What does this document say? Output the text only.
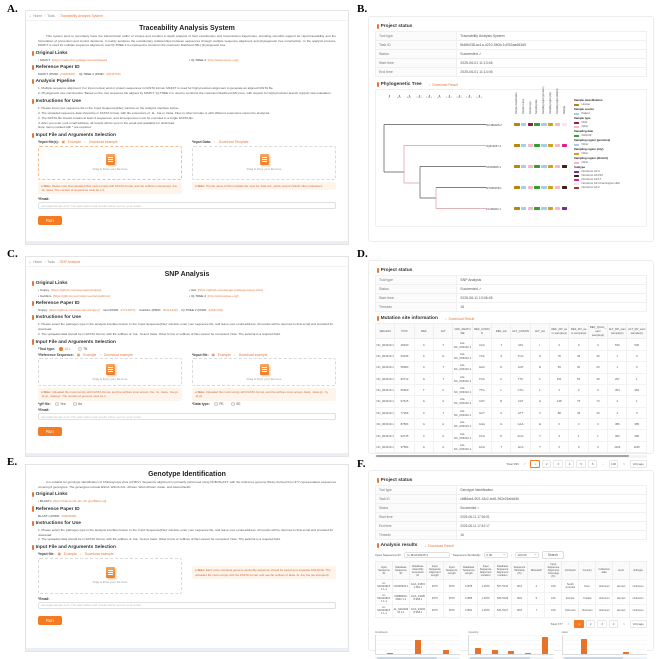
A.
⌂ Home	/ Tools	/ Traceability Analysis System
Traceability Analysis System
This system aims to accurately trace the transmission paths of viruses and conduct in-depth analysis of their evolutionary and transmission trajectories, providing scientific support for rapid traceability and the formulation of prevention and control decisions. It mainly analyzes the evolutionary relationships between sequences through multiple sequence alignment and phylogenetic tree construction. In the analysis process, MAFFT is used for multiple sequence alignment, and IQ-TREE 2 is employed to construct the maximum likelihood (ML) phylogenetic tree.
Original Links
• MAFFT [https://mafft.cbrc.jp/alignment/software/]	• IQ-TREE 2 [http://www.iqtree.org/]
Reference Paper ID
MAFFT (PMID: 23329690); IQ-TREE 2 (PMID: 32011700)
Analysis Pipeline
1. Multiple sequence alignment: For input nucleic acid or protein sequences in FASTA format, MAFFT is used for high-precision alignment to generate an aligned FASTA file.
2. Phylogenetic tree construction: Based on the root sequence file aligned by MAFFT, IQ-TREE 2 is used to construct the maximum likelihood (ML) tree, with support for high-precision branch support rate evaluation.
Instructions for Use
1. Please input your sequence file in the 'Input Sequence(File)' window on the analysis interface below.
2. The uploaded sequence data should be in FASTA format, with file extensions of .fa, .fna or .fasta. Files in other formats or with different extensions cannot be analyzed.
3. The FASTA file should contain at least 3 sequences, and all sequences must be encoded in a single FASTA file.
4. After you enter your email address, all results will be sent to the email and available for download.
Note: items marked with * are required.
Input File and Arguments Selection
*Input file(s): ▣ Example ↓ Download example
Drag & Drop your file here
● Note: Please note that uploaded files must comply with FASTA format, and the suffixes must accept .fna, .fa, .fasta. The number of sequences must be ≥ 3.
*Input Data: ↓ Download Template
Drag & Drop your file here
● Note: The file name of this template file must be 'data.csv', which cannot include other characters.
*Email:
name@example.com. The task status and results will be sent to your email. Run
B.
Project status
Tool type	Traceability Analysis System
Task ID	f6d5b038-ac1a-4210-960b-1d762aa653d9
Status	Succeeded ✓
Start time	2025-06-01 11:13:46
End time	2025-06-01 11:14:06
Phylogenetic Tree ↓ Download Result
0	4e-5	8e-5	1.2e-4	1.6e-4	2e-4	2.4e-4	2.8e-4	3.2e-4	3.6e-4
OU480325.2
JQ613067.1
JX646825.1
MT468158.1
KJ196264.1
Sample classification	Sample source	Sample type	Sampling date	Sampling region (province)	Sampling region (city)	Sampling region (district)	Subtype
Sample classification
Human
Sample source
Patient
Sample type
NGS
Other
Sampling date
2023-09
Sampling region (province)
Other
Sampling region (city)
Other
Sampling region (district)
Other
Subtype
Norovirus GII.4
Norovirus GII.P16
Norovirus GII.17
Norovirus GII.4 Farmington Hills
Norovirus GII.2
C.
⌂ Home	/ Tools	/ SNP Analysis
SNP Analysis
Original Links
• Snippy [https://github.com/tseemann/snippy]	• Gisi [https://github.com/sanger-pathogens/snp-sites]
• Gubbins [https://github.com/nickjcroucher/gubbins]	• IQ-TREE 2 [http://www.iqtree.org/]
Reference Paper ID
Snippy [https://github.com/tseemann/snippy]; Gisi (PMID: 27713837); Gubbins (PMID: 25414349); IQ-TREE 2 (PMID: 32011700)
Instructions for Use
1. Please select the pathogen type in the analysis interface below. In the 'Input Sequence(File)' window, enter your sequence file, and leave your email address. All results will be returned to that email and provided for download.
2. The uploaded data should be in FASTA format, with file suffixes of .fna, .fa and .fasta. Other forms or suffixes of files cannot be computed. Note: The asterisk is a required field.
Input File and Arguments Selection
*Tool type:	ALL	TB
*Reference Sequence: ▣ Example ↓ Download example
Drag & Drop your file here
● Note: Uploaded file must comply with FASTA format, and the suffixes must accept .fna, .fa, .fasta, .fna.gz, .fa.gz, .fasta.gz. The number of genome must be 1.
*gff file:	Yes	No
*Input file: ▣ Example ↓ Download example
Drag & Drop your file here
● Note: Uploaded file must comply with FASTA format, and the suffixes must accept .fastq, .fastq.gz, .fq, .fq.gz.
*Data type:	PE	SE
*Email:
name@example.com. The task status and results will be sent to your email. Run
D.
Project status
Tool type	SNP Analysis
Status	Succeeded ✓
Start time	2025-06-11 13:06:45
Threads	16
Mutation site information ↓ Download Result
REGION	POS	REF	ALT	GFF_FEATURE	REF_CODON	REF_AA	ALT_CODON	ALT_AA	REF_DP_sam sample(s)	REF_RV_sam sample(s)	REF_QUAL_sam sample(s)	ALT_DP_sam sample(s)	ALT_RV_sam sample(s)
NC_003310.1	46940	C	T	cds-NC_003310.1	ACA	T	ATA	I	0	0	0	530	530
NC_003310.1	53046	A	G	cds-NC_003310.1	TCA	S	TCG	S	78	39	39	1	0
NC_003310.1	55083	C	T	cds-NC_003310.1	GAC	D	GAT	D	59	30	29	1	0
NC_003310.1	63712	G	T	cds-NC_003310.1	TGC	C	TTC	F	101	52	49	297	1
NC_003310.1	65900	T	C	cds-NC_003310.1	TTG	L	CTG	L	1	0	0	354	354
NC_003310.1	67615	G	A	cds-NC_003310.1	CGT	R	CAT	H	148	75	73	2	1
NC_003310.1	77296	C	T	cds-NC_003310.1	GCT	A	GTT	V	88	45	43	2	0
NC_003310.1	87584	G	A	cds-NC_003310.1	GGA	G	GAA	E	0	0	0	386	385
NC_003310.1	94745	C	A	cds-NC_003310.1	CCG	P	ACG	T	3	1	1	366	366
NC_003310.1	97584	G	A	cds-NC_003310.1	ACG	T	ACA	T	0	0	0	1166	1165
Total 996	<	1	2	3	4	5	6	...	100	>	10/page
E.
Genotype Identification
It is suitable for genotype identification of Chikungunya virus (CHIKV). Sequence alignment is primarily performed using NCBI BLAST, with the reference genome library derived from 377 representative sequences covering 6 genotypes. The genotypes include ESCA, ESCA-IOL, African, West African, Asian, and Asian-Pacific.
Original Links
• BLASTn [https://blast.ncbi.nlm.nih.gov/Blast.cgi]
Reference Paper ID
BLASTn (PMID: 20003500)
Instructions for Use
1. Please select the pathogen type in the analysis interface below. In the 'Input Sequence(File)' window, enter your sequence file, and leave your email address. All results will be returned to that email and provided for download.
2. The uploaded data should be in FASTA format, with file suffixes of .fna, .fa and .fasta. Other forms or suffixes of files cannot be computed. Note: The asterisk is a required field.
Input File and Arguments Selection
*Input file: ▣ Example ↓ Download example
Drag & Drop your file here
● Note: Each more complete genome assembly sequence should be saved as a separate FASTA file. The uploaded file must comply with the FASTA format, and use file suffixes of fasta, fa, fna, fas (as accepted).
*Email:
name@example.com. The task status and results will be sent to your email. Run
F.
Project status
Tool type	Genotype Identification
Task ID	c6f86ae4-9f21-43c2-bc81-962e23abb436
Status	Succeeded ✓
Start time	2025-06-11 17:36:51
End time	2025-06-11 17:42:17
Threads	16
Analysis results ↓ Download Result
Input Sequence ID
co-MG049915.1	Sequence Similarity: 0.00	▴▾ - 100.00	▴▾	Search
Input Sequence ID	Database Sequence ID	Database Assembly Accession ID	Input Sequence Alignment Length	Input Sequence Length	Database Sequence Length	Input Sequence Alignment Location	Database Sequence Alignment Location	Sequence Similarity (%)	Mismatch	Input Sequence Alignment Coverage (%)	Continent	Country	Collection date	Host	Subtype
co-MG049915.1 1-1	OR436363.1	GCA_018151 381.1	4576	4576	11578	1-4576	567-5143	99.9	2	100	South America	Peru	Unknown	Human	Unknown
co-MG049915.1 1-1	OR889616-MW2 1-1	GCA_041868 968.1	4576	4576	11585	1-4576	563-5139	99.8	5	100	Europe	Croatia	Unknown	Human	Unknown
co-MG049915.1 1-1	AL_MG049915 1-1	GCA_042938 968.1	4576	4576	11581	1-4576	561-5137	99.8	7	100	Unknown	Unknown	Unknown	Human	Unknown
Total 377	<	1	2	3	4	>	10/page
Continent	Country	Host
